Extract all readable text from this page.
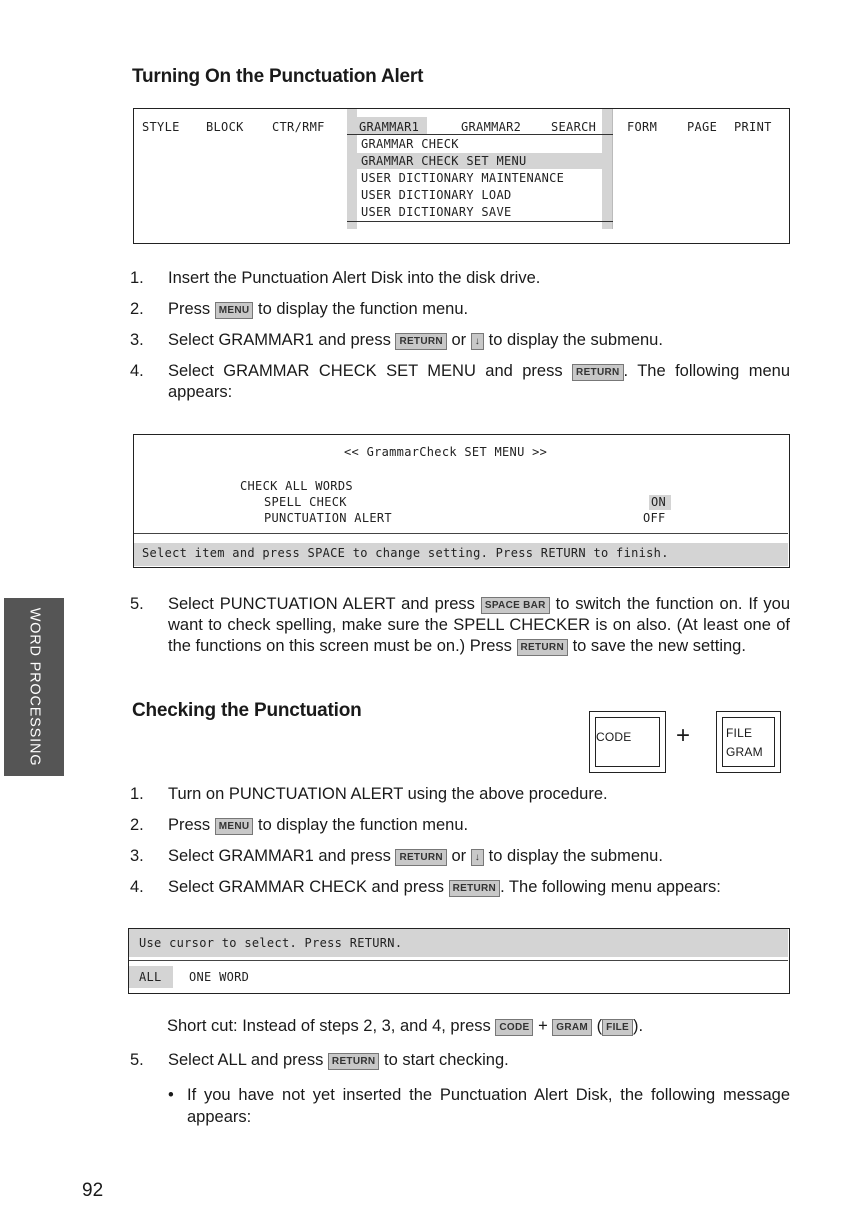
Turning On the Punctuation Alert
STYLE BLOCK CTR/RMF	GRAMMAR1	GRAMMAR2 SEARCH
GRAMMAR CHECK
GRAMMAR CHECK SET MENU
USER DICTIONARY MAINTENANCE
USER DICTIONARY LOAD
USER DICTIONARY SAVE
FORM PAGE PRINT
1. Insert the Punctuation Alert Disk into the disk drive.
2. Press MENU to display the function menu.
3. Select GRAMMAR1 and press RETURN or ↓ to display the submenu.
4. Select GRAMMAR CHECK SET MENU and press RETURN . The following menu appears:
<< GrammarCheck SET MENU >>
CHECK ALL WORDS
SPELL CHECK	ON
PUNCTUATION ALERT	OFF
Select item and press SPACE to change setting. Press RETURN to finish.
5. Select PUNCTUATION ALERT and press SPACE BAR to switch the function on. If you want to check spelling, make sure the SPELL CHECKER is on also. (At least one of the functions on this screen must be on.) Press RETURN to save the new setting.
WORD PROCESSING	Checking the Punctuation
CODE +	FILE
GRAM
1. Turn on PUNCTUATION ALERT using the above procedure.
2. Press MENU to display the function menu.
3. Select GRAMMAR1 and press RETURN or ↓ to display the submenu.
4. Select GRAMMAR CHECK and press RETURN . The following menu appears:
Use cursor to select. Press RETURN.
ALL ONE WORD
Short cut: Instead of steps 2, 3, and 4, press CODE + GRAM ( FILE ).
5. Select ALL and press RETURN to start checking.
• If you have not yet inserted the Punctuation Alert Disk, the following message appears:
92
